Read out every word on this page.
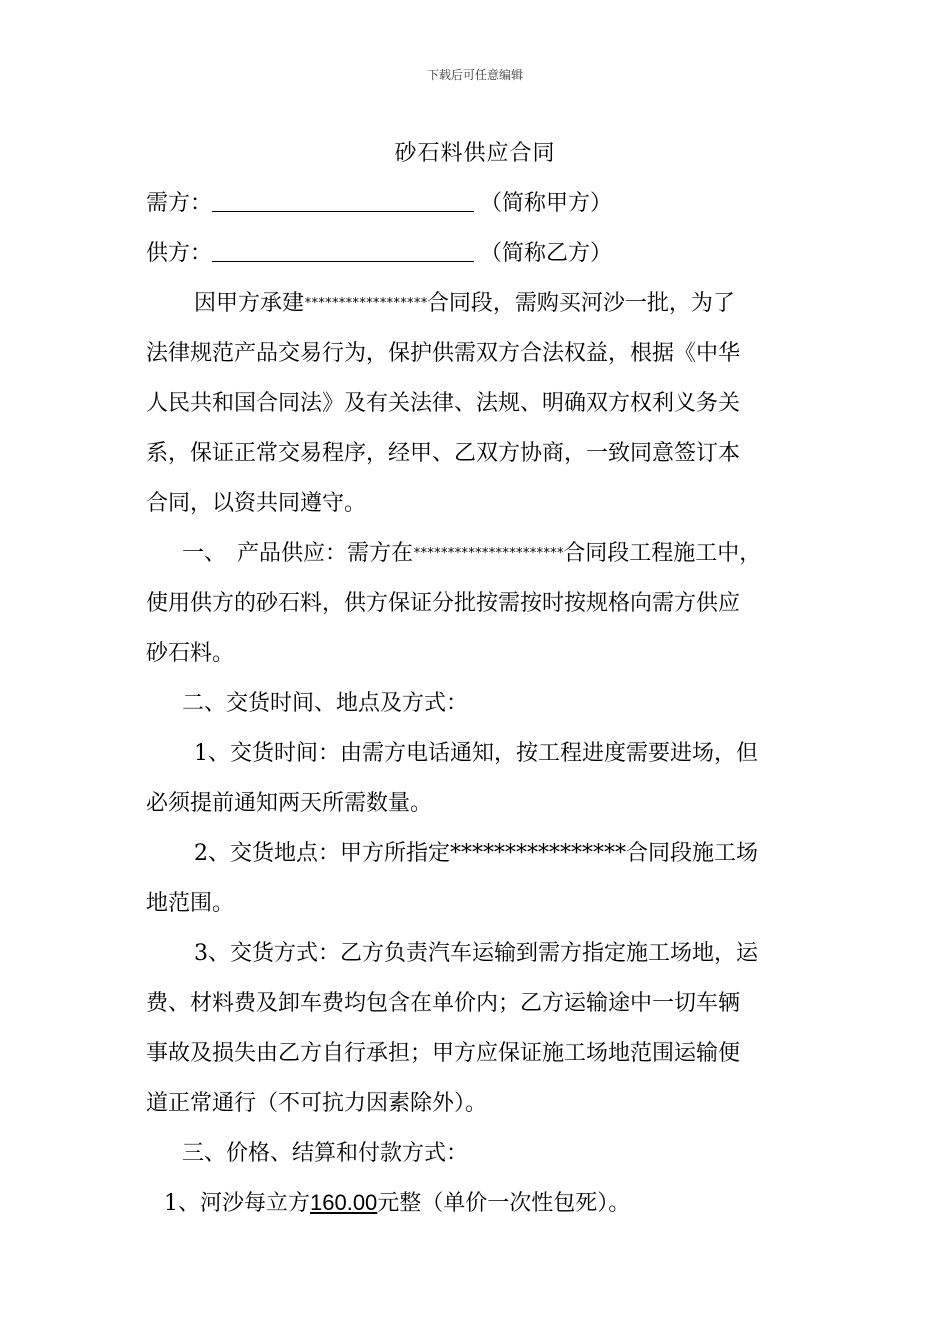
下载后可任意编辑
砂石料供应合同
需方：	（简称甲方）
供方：	（简称乙方）
因甲方承建******************合同段，需购买河沙一批，为了
法律规范产品交易行为，保护供需双方合法权益，根据《中华
人民共和国合同法》及有关法律、法规、明确双方权利义务关
系，保证正常交易程序，经甲、乙双方协商，一致同意签订本
合同，以资共同遵守。
一、　产品供应：需方在**********************合同段工程施工中，
使用供方的砂石料，供方保证分批按需按时按规格向需方供应
砂石料。
二、交货时间、地点及方式：
1、交货时间：由需方电话通知，按工程进度需要进场，但
必须提前通知两天所需数量。
2、交货地点：甲方所指定****************合同段施工场
地范围。
3、交货方式：乙方负责汽车运输到需方指定施工场地，运
费、材料费及卸车费均包含在单价内；乙方运输途中一切车辆
事故及损失由乙方自行承担；甲方应保证施工场地范围运输便
道正常通行（不可抗力因素除外）。
三、价格、结算和付款方式：
1、河沙每立方160.00元整（单价一次性包死）。
